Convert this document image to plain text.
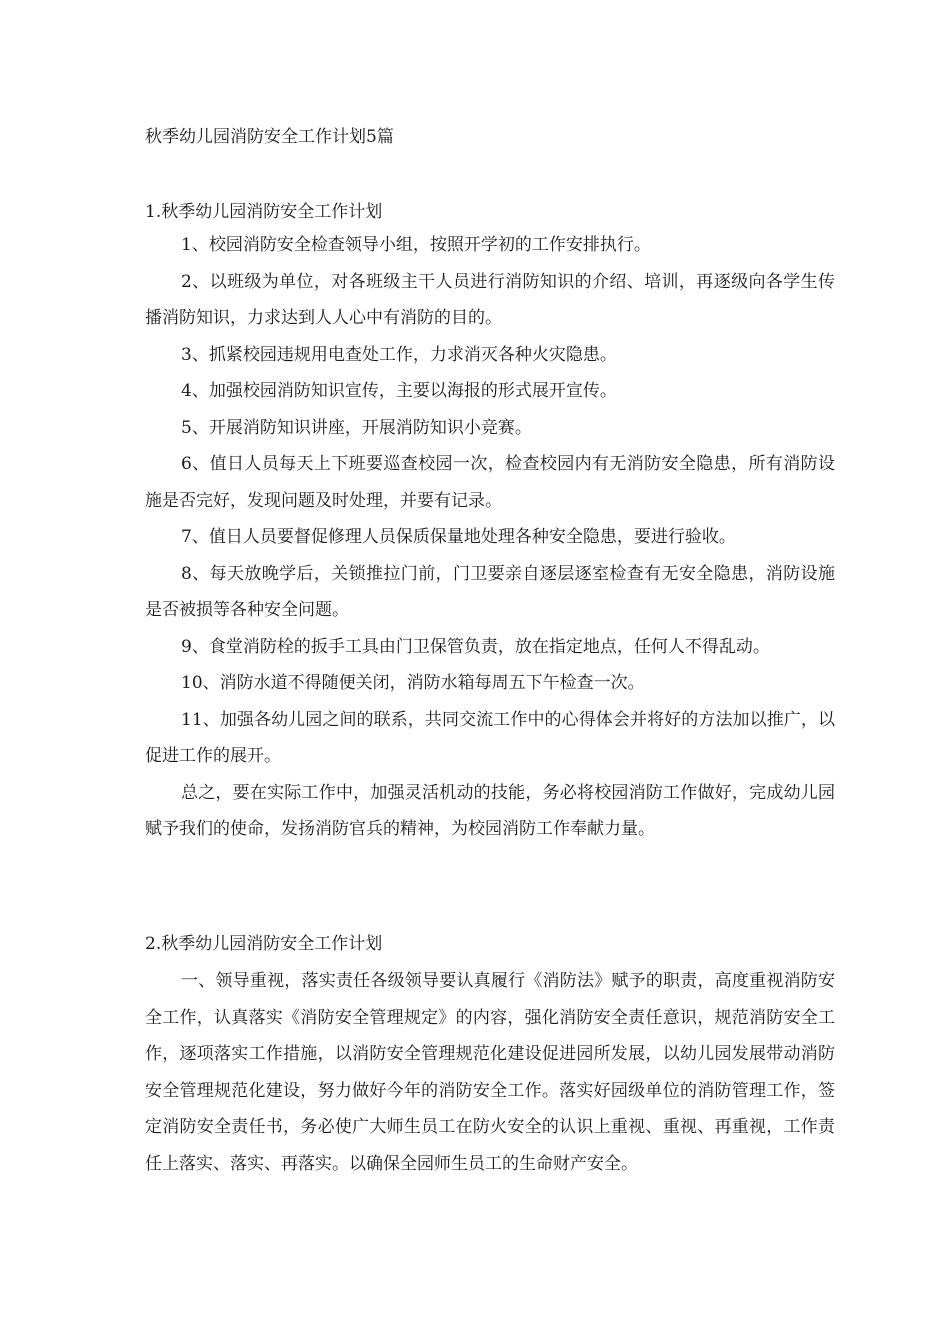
秋季幼儿园消防安全工作计划5篇
1.秋季幼儿园消防安全工作计划

1、校园消防安全检查领导小组，按照开学初的工作安排执行。

2、以班级为单位，对各班级主干人员进行消防知识的介绍、培训，再逐级向各学生传播消防知识，力求达到人人心中有消防的目的。

3、抓紧校园违规用电查处工作，力求消灭各种火灾隐患。

4、加强校园消防知识宣传，主要以海报的形式展开宣传。

5、开展消防知识讲座，开展消防知识小竞赛。

6、值日人员每天上下班要巡查校园一次，检查校园内有无消防安全隐患，所有消防设施是否完好，发现问题及时处理，并要有记录。

7、值日人员要督促修理人员保质保量地处理各种安全隐患，要进行验收。

8、每天放晚学后，关锁推拉门前，门卫要亲自逐层逐室检查有无安全隐患，消防设施是否被损等各种安全问题。

9、食堂消防栓的扳手工具由门卫保管负责，放在指定地点，任何人不得乱动。

10、消防水道不得随便关闭，消防水箱每周五下午检查一次。

11、加强各幼儿园之间的联系，共同交流工作中的心得体会并将好的方法加以推广，以促进工作的展开。

总之，要在实际工作中，加强灵活机动的技能，务必将校园消防工作做好，完成幼儿园赋予我们的使命，发扬消防官兵的精神，为校园消防工作奉献力量。

2.秋季幼儿园消防安全工作计划

一、领导重视，落实责任各级领导要认真履行《消防法》赋予的职责，高度重视消防安全工作，认真落实《消防安全管理规定》的内容，强化消防安全责任意识，规范消防安全工作，逐项落实工作措施，以消防安全管理规范化建设促进园所发展，以幼儿园发展带动消防安全管理规范化建设，努力做好今年的消防安全工作。落实好园级单位的消防管理工作，签定消防安全责任书，务必使广大师生员工在防火安全的认识上重视、重视、再重视，工作责任上落实、落实、再落实。以确保全园师生员工的生命财产安全。
